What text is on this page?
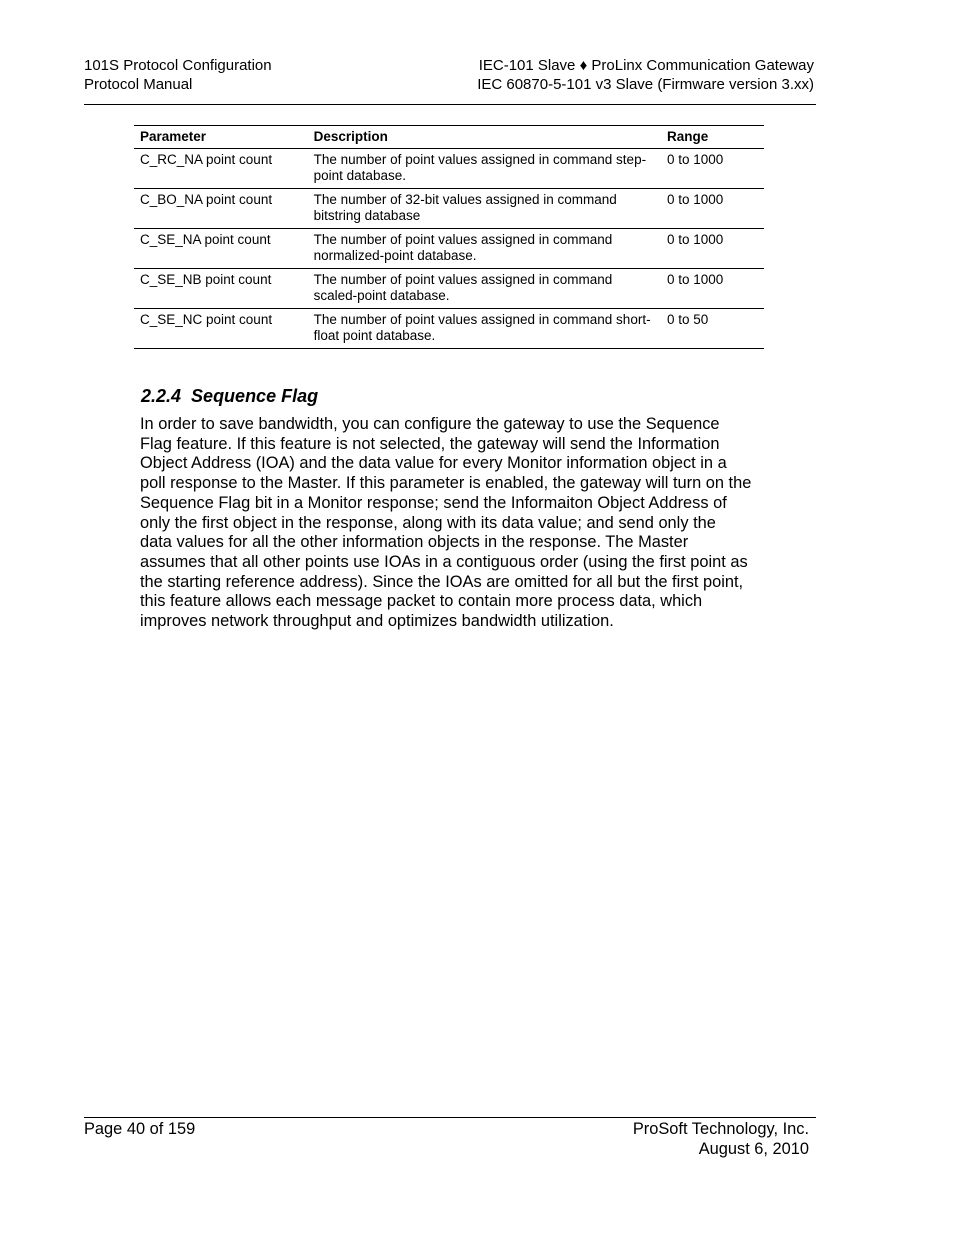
101S Protocol Configuration
Protocol Manual
IEC-101 Slave ♦ ProLinx Communication Gateway
IEC 60870-5-101 v3 Slave (Firmware version 3.xx)
Parameter	Description	Range
C_RC_NA point count	The number of point values assigned in command step-point database.	0 to 1000
C_BO_NA point count	The number of 32-bit values assigned in command bitstring database	0 to 1000
C_SE_NA point count	The number of point values assigned in command normalized-point database.	0 to 1000
C_SE_NB point count	The number of point values assigned in command scaled-point database.	0 to 1000
C_SE_NC point count	The number of point values assigned in command short-float point database.	0 to 50
2.2.4 Sequence Flag

In order to save bandwidth, you can configure the gateway to use the Sequence Flag feature. If this feature is not selected, the gateway will send the Information Object Address (IOA) and the data value for every Monitor information object in a poll response to the Master. If this parameter is enabled, the gateway will turn on the Sequence Flag bit in a Monitor response; send the Informaiton Object Address of only the first object in the response, along with its data value; and send only the data values for all the other information objects in the response. The Master assumes that all other points use IOAs in a contiguous order (using the first point as the starting reference address). Since the IOAs are omitted for all but the first point, this feature allows each message packet to contain more process data, which improves network throughput and optimizes bandwidth utilization.

Page 40 of 159	ProSoft Technology, Inc.
August 6, 2010
